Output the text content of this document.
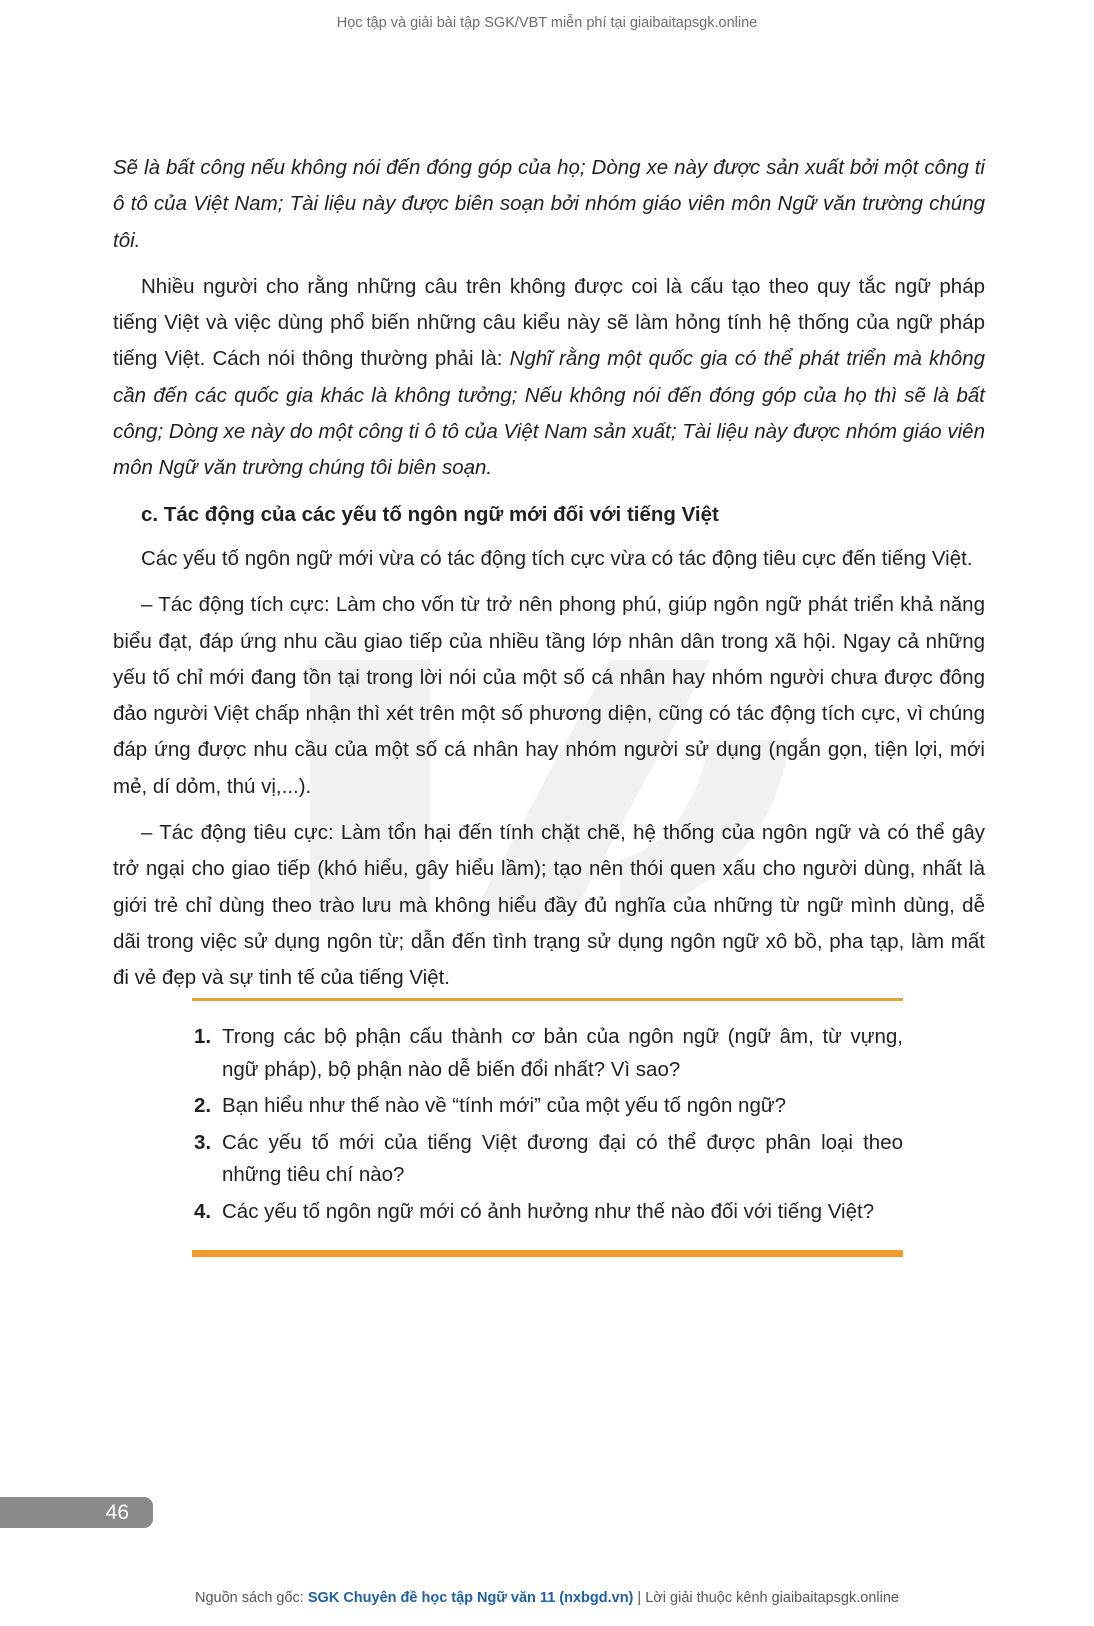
Học tập và giải bài tập SGK/VBT miễn phí tại giaibaitapsgk.online

Sẽ là bất công nếu không nói đến đóng góp của họ; Dòng xe này được sản xuất bởi một công ti ô tô của Việt Nam; Tài liệu này được biên soạn bởi nhóm giáo viên môn Ngữ văn trường chúng tôi.

Nhiều người cho rằng những câu trên không được coi là cấu tạo theo quy tắc ngữ pháp tiếng Việt và việc dùng phổ biến những câu kiểu này sẽ làm hỏng tính hệ thống của ngữ pháp tiếng Việt. Cách nói thông thường phải là: Nghĩ rằng một quốc gia có thể phát triển mà không cần đến các quốc gia khác là không tưởng; Nếu không nói đến đóng góp của họ thì sẽ là bất công; Dòng xe này do một công ti ô tô của Việt Nam sản xuất; Tài liệu này được nhóm giáo viên môn Ngữ văn trường chúng tôi biên soạn.

c. Tác động của các yếu tố ngôn ngữ mới đối với tiếng Việt

Các yếu tố ngôn ngữ mới vừa có tác động tích cực vừa có tác động tiêu cực đến tiếng Việt.

– Tác động tích cực: Làm cho vốn từ trở nên phong phú, giúp ngôn ngữ phát triển khả năng biểu đạt, đáp ứng nhu cầu giao tiếp của nhiều tầng lớp nhân dân trong xã hội. Ngay cả những yếu tố chỉ mới đang tồn tại trong lời nói của một số cá nhân hay nhóm người chưa được đông đảo người Việt chấp nhận thì xét trên một số phương diện, cũng có tác động tích cực, vì chúng đáp ứng được nhu cầu của một số cá nhân hay nhóm người sử dụng (ngắn gọn, tiện lợi, mới mẻ, dí dỏm, thú vị,...).

– Tác động tiêu cực: Làm tổn hại đến tính chặt chẽ, hệ thống của ngôn ngữ và có thể gây trở ngại cho giao tiếp (khó hiểu, gây hiểu lầm); tạo nên thói quen xấu cho người dùng, nhất là giới trẻ chỉ dùng theo trào lưu mà không hiểu đầy đủ nghĩa của những từ ngữ mình dùng, dễ dãi trong việc sử dụng ngôn từ; dẫn đến tình trạng sử dụng ngôn ngữ xô bồ, pha tạp, làm mất đi vẻ đẹp và sự tinh tế của tiếng Việt.

1. Trong các bộ phận cấu thành cơ bản của ngôn ngữ (ngữ âm, từ vựng, ngữ pháp), bộ phận nào dễ biến đổi nhất? Vì sao?
2. Bạn hiểu như thế nào về “tính mới” của một yếu tố ngôn ngữ?
3. Các yếu tố mới của tiếng Việt đương đại có thể được phân loại theo những tiêu chí nào?
4. Các yếu tố ngôn ngữ mới có ảnh hưởng như thế nào đối với tiếng Việt?
46
Nguồn sách gốc: SGK Chuyên đề học tập Ngữ văn 11 (nxbgd.vn) | Lời giải thuộc kênh giaibaitapsgk.online
